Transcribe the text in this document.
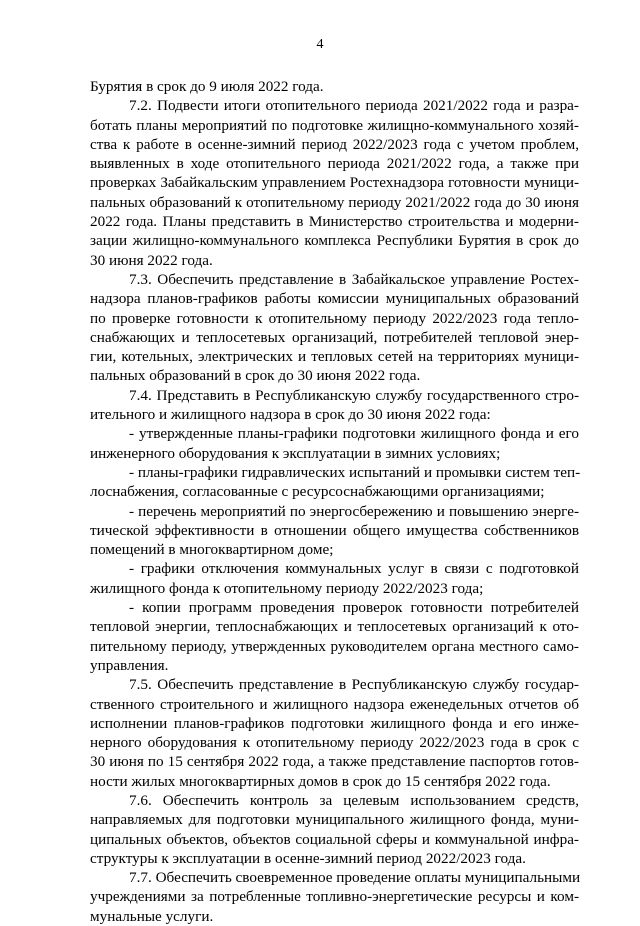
4
Бурятия в срок до 9 июля 2022 года.
7.2. Подвести итоги отопительного периода 2021/2022 года и разра-
ботать планы мероприятий по подготовке жилищно-коммунального хозяй-
ства к работе в осенне-зимний период 2022/2023 года с учетом проблем,
выявленных в ходе отопительного периода 2021/2022 года, а также при
проверках Забайкальским управлением Ростехнадзора готовности муници-
пальных образований к отопительному периоду 2021/2022 года до 30 июня
2022 года. Планы представить в Министерство строительства и модерни-
зации жилищно-коммунального комплекса Республики Бурятия в срок до
30 июня 2022 года.
7.3. Обеспечить представление в Забайкальское управление Ростех-
надзора планов-графиков работы комиссии муниципальных образований
по проверке готовности к отопительному периоду 2022/2023 года тепло-
снабжающих и теплосетевых организаций, потребителей тепловой энер-
гии, котельных, электрических и тепловых сетей на территориях муници-
пальных образований в срок до 30 июня 2022 года.
7.4. Представить в Республиканскую службу государственного стро-
ительного и жилищного надзора в срок до 30 июня 2022 года:
- утвержденные планы-графики подготовки жилищного фонда и его
инженерного оборудования к эксплуатации в зимних условиях;
- планы-графики гидравлических испытаний и промывки систем теп-
лоснабжения, согласованные с ресурсоснабжающими организациями;
- перечень мероприятий по энергосбережению и повышению энерге-
тической эффективности в отношении общего имущества собственников
помещений в многоквартирном доме;
- графики отключения коммунальных услуг в связи с подготовкой
жилищного фонда к отопительному периоду 2022/2023 года;
- копии программ проведения проверок готовности потребителей
тепловой энергии, теплоснабжающих и теплосетевых организаций к ото-
пительному периоду, утвержденных руководителем органа местного само-
управления.
7.5. Обеспечить представление в Республиканскую службу государ-
ственного строительного и жилищного надзора еженедельных отчетов об
исполнении планов-графиков подготовки жилищного фонда и его инже-
нерного оборудования к отопительному периоду 2022/2023 года в срок с
30 июня по 15 сентября 2022 года, а также представление паспортов готов-
ности жилых многоквартирных домов в срок до 15 сентября 2022 года.
7.6. Обеспечить контроль за целевым использованием средств,
направляемых для подготовки муниципального жилищного фонда, муни-
ципальных объектов, объектов социальной сферы и коммунальной инфра-
структуры к эксплуатации в осенне-зимний период 2022/2023 года.
7.7. Обеспечить своевременное проведение оплаты муниципальными
учреждениями за потребленные топливно-энергетические ресурсы и ком-
мунальные услуги.
